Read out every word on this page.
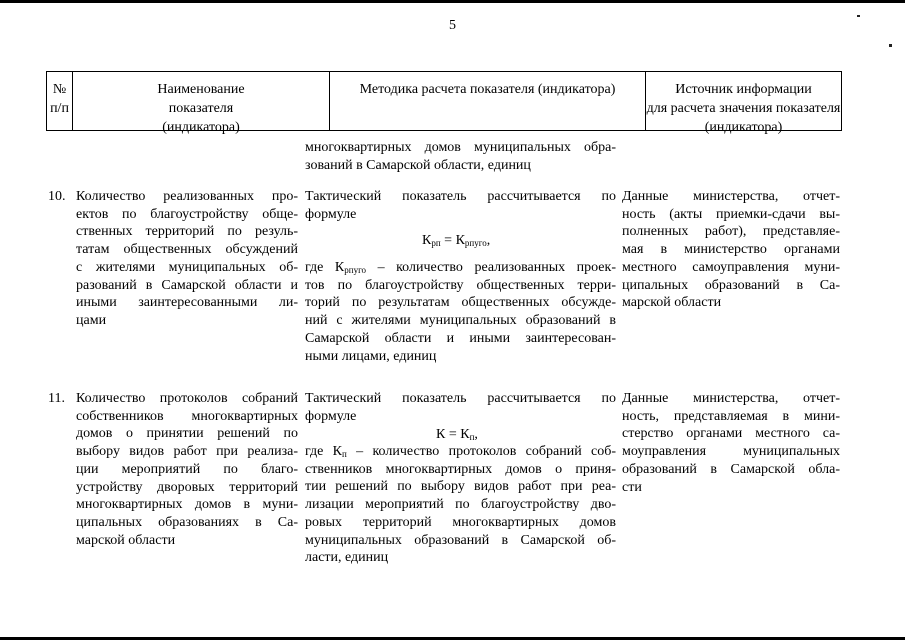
5
№
п/п
Наименование
показателя
(индикатора)
Методика расчета показателя (индикатора)	Источник информации
для расчета значения показателя
(индикатора)
многоквартирных домов муниципальных обра-
зований в Самарской области, единиц
10. Количество реализованных про-
ектов по благоустройству обще-
ственных территорий по резуль-
татам общественных обсуждений
с жителями муниципальных об-
разований в Самарской области и
иными заинтересованными ли-
цами
Тактический показатель рассчитывается по
формуле
$К_{рп} = К_{рпуго}$,
где $К_{рпуго}$ – количество реализованных проек-
тов по благоустройству общественных терри-
торий по результатам общественных обсужде-
ний с жителями муниципальных образований в
Самарской области и иными заинтересован-
ными лицами, единиц
Данные министерства, отчет-
ность (акты приемки-сдачи вы-
полненных работ), представляе-
мая в министерство органами
местного самоуправления муни-
ципальных образований в Са-
марской области
11. Количество протоколов собраний
собственников многоквартирных
домов о принятии решений по
выбору видов работ при реализа-
ции мероприятий по благо-
устройству дворовых территорий
многоквартирных домов в муни-
ципальных образованиях в Са-
марской области
Тактический показатель рассчитывается по
формуле
$К = К_п$,
где $К_п$ – количество протоколов собраний соб-
ственников многоквартирных домов о приня-
тии решений по выбору видов работ при реа-
лизации мероприятий по благоустройству дво-
ровых территорий многоквартирных домов
муниципальных образований в Самарской об-
ласти, единиц
Данные министерства, отчет-
ность, представляемая в мини-
стерство органами местного са-
моуправления муниципальных
образований в Самарской обла-
сти
